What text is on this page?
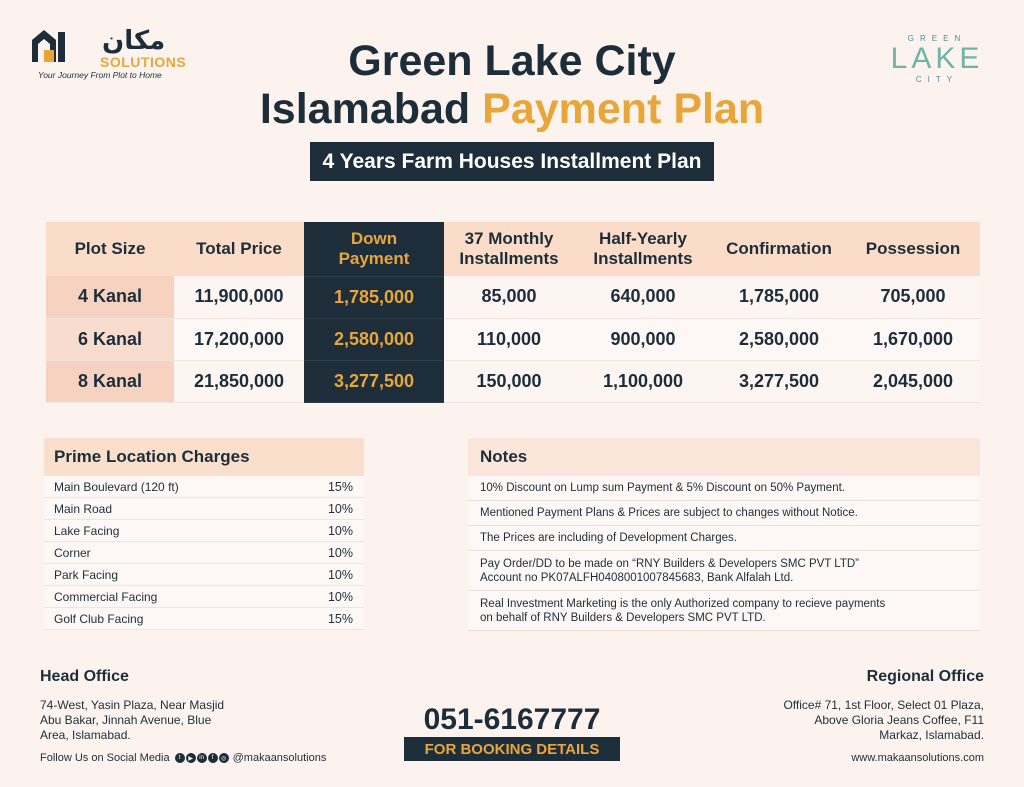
مکان
SOLUTIONS
Your Journey From Plot to Home
GREEN
LAKE
CITY
Green Lake City
Islamabad Payment Plan
4 Years Farm Houses Installment Plan
Plot Size	Total Price	Down Payment	37 Monthly Installments	Half-Yearly Installments	Confirmation	Possession
4 Kanal	11,900,000	1,785,000	85,000	640,000	1,785,000	705,000
6 Kanal	17,200,000	2,580,000	110,000	900,000	2,580,000	1,670,000
8 Kanal	21,850,000	3,277,500	150,000	1,100,000	3,277,500	2,045,000
Prime Location Charges
Main Boulevard (120 ft)	15%
Main Road	10%
Lake Facing	10%
Corner	10%
Park Facing	10%
Commercial Facing	10%
Golf Club Facing	15%
Notes
10% Discount on Lump sum Payment & 5% Discount on 50% Payment.
Mentioned Payment Plans & Prices are subject to changes without Notice.
The Prices are including of Development Charges.
Pay Order/DD to be made on “RNY Builders & Developers SMC PVT LTD”
Account no PK07ALFH0408001007845683, Bank Alfalah Ltd.
Real Investment Marketing is the only Authorized company to recieve payments
on behalf of RNY Builders & Developers SMC PVT LTD.
Head Office
74-West, Yasin Plaza, Near Masjid
Abu Bakar, Jinnah Avenue, Blue
Area, Islamabad.
Follow Us on Social Media	t	▶	in	f	◎ @makaansolutions
051-6167777
FOR BOOKING DETAILS
Regional Office
Office# 71, 1st Floor, Select 01 Plaza,
Above Gloria Jeans Coffee, F11
Markaz, Islamabad.
www.makaansolutions.com
